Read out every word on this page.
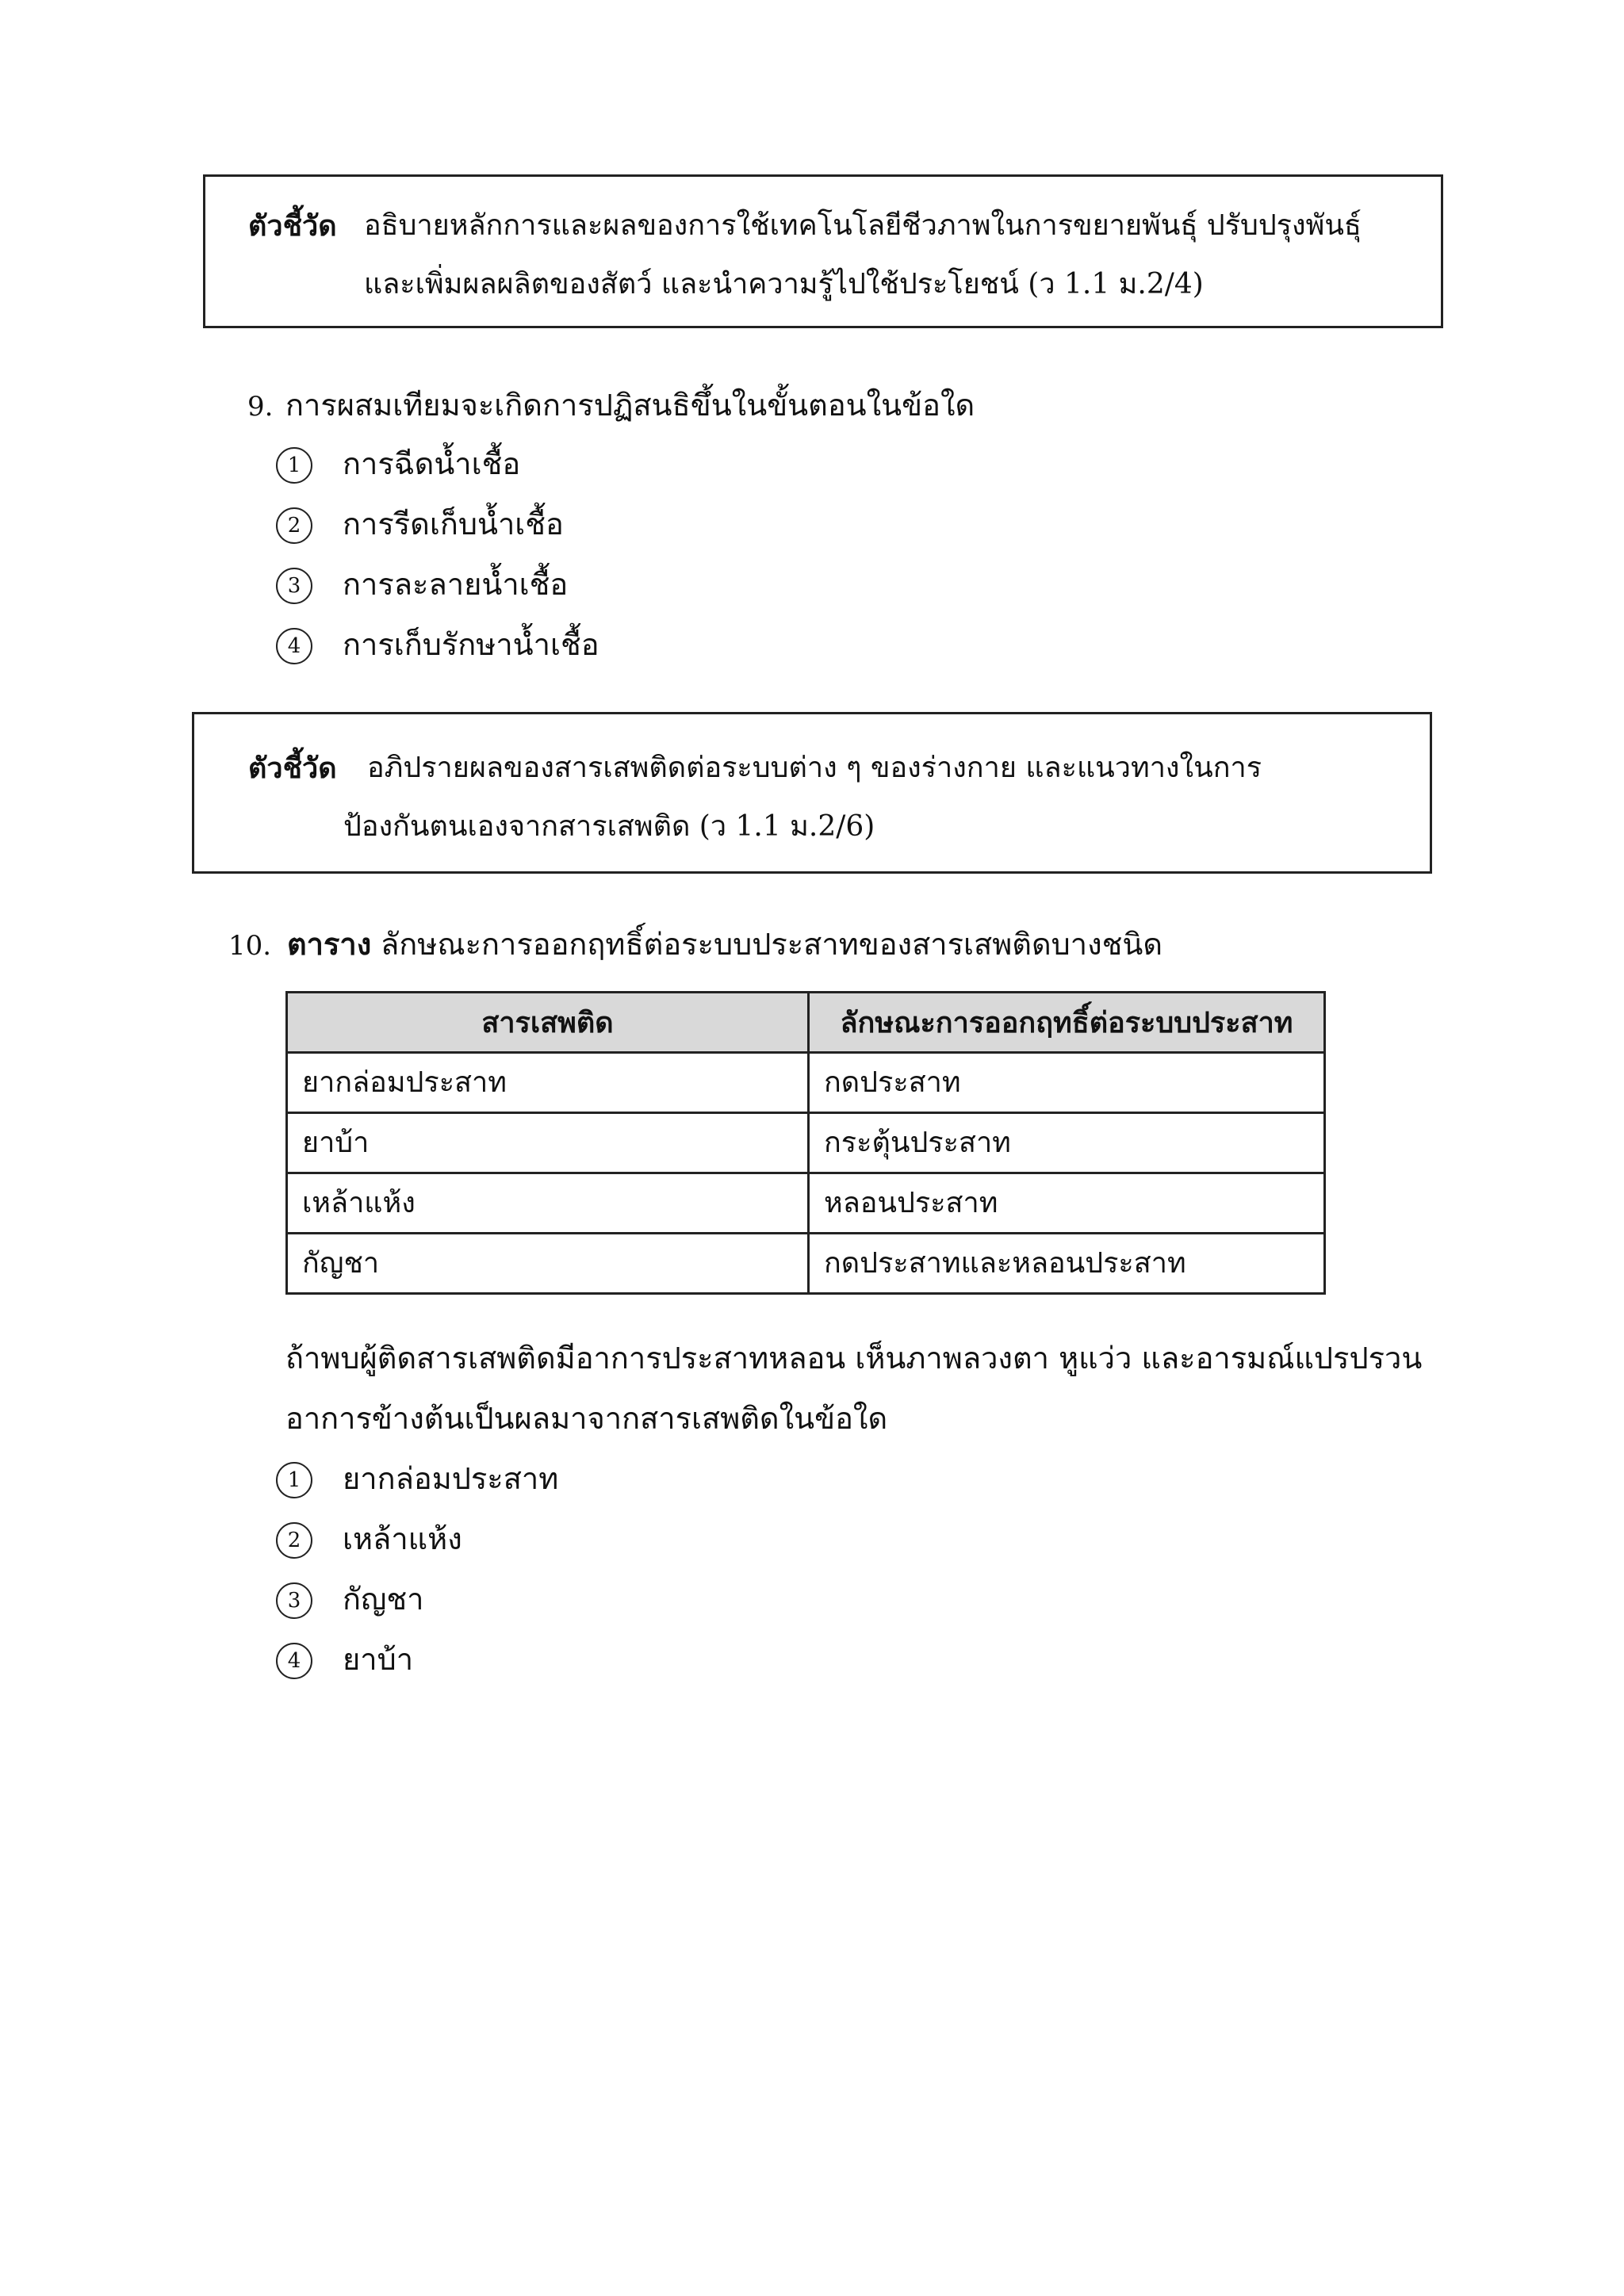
ตัวชี้วัด อธิบายหลักการและผลของการใช้เทคโนโลยีชีวภาพในการขยายพันธุ์ ปรับปรุงพันธุ์
และเพิ่มผลผลิตของสัตว์ และนำความรู้ไปใช้ประโยชน์ (ว 1.1 ม.2/4)
9. การผสมเทียมจะเกิดการปฏิสนธิขึ้นในขั้นตอนในข้อใด
1	การฉีดน้ำเชื้อ
2	การรีดเก็บน้ำเชื้อ
3	การละลายน้ำเชื้อ
4	การเก็บรักษาน้ำเชื้อ
ตัวชี้วัด อภิปรายผลของสารเสพติดต่อระบบต่าง ๆ ของร่างกาย และแนวทางในการ
ป้องกันตนเองจากสารเสพติด (ว 1.1 ม.2/6)
10. ตาราง ลักษณะการออกฤทธิ์ต่อระบบประสาทของสารเสพติดบางชนิด
สารเสพติด	ลักษณะการออกฤทธิ์ต่อระบบประสาท
ยากล่อมประสาท	กดประสาท
ยาบ้า	กระตุ้นประสาท
เหล้าแห้ง	หลอนประสาท
กัญชา	กดประสาทและหลอนประสาท
ถ้าพบผู้ติดสารเสพติดมีอาการประสาทหลอน เห็นภาพลวงตา หูแว่ว และอารมณ์แปรปรวน
อาการข้างต้นเป็นผลมาจากสารเสพติดในข้อใด
1	ยากล่อมประสาท
2	เหล้าแห้ง
3	กัญชา
4	ยาบ้า
